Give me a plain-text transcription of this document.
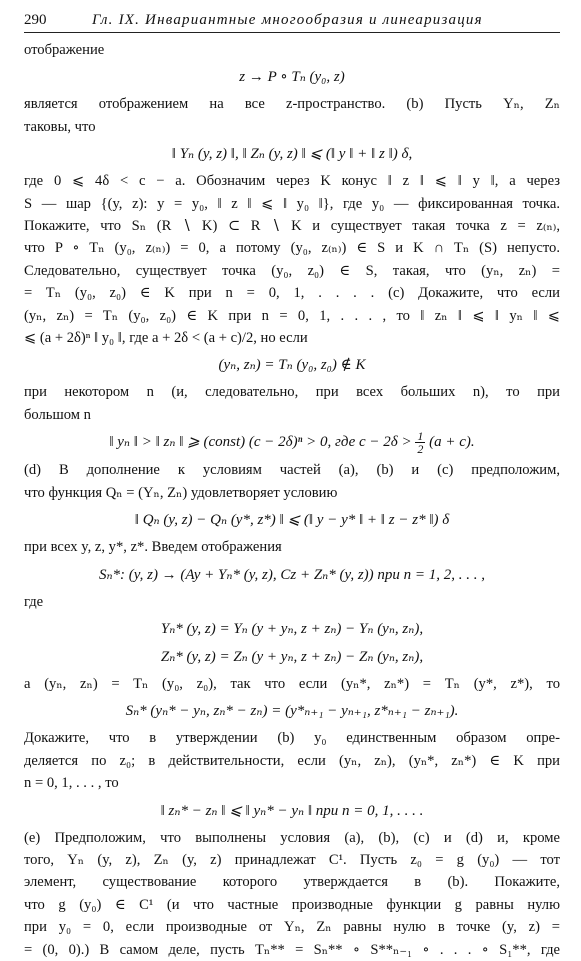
290	Гл. IX. Инвариантные многообразия и линеаризация
отображение
z → P ∘ Tₙ (y₀, z)
является отображением на все z-пространство. (b) Пусть Yₙ, Zₙ
таковы, что
‖ Yₙ (y, z) ‖, ‖ Zₙ (y, z) ‖ ⩽ (‖ y ‖ + ‖ z ‖) δ,
где 0 ⩽ 4δ < c − a. Обозначим через K конус ‖ z ‖ ⩽ ‖ y ‖, а через
S — шар {(y, z): y = y₀, ‖ z ‖ ⩽ ‖ y₀ ‖}, где y₀ — фиксированная точка.
Покажите, что Sₙ (R ∖ K) ⊂ R ∖ K и существует такая точка z = z₍ₙ₎,
что P ∘ Tₙ (y₀, z₍ₙ₎) = 0, а потому (y₀, z₍ₙ₎) ∈ S и K ∩ Tₙ (S) непусто.
Следовательно, существует точка (y₀, z₀) ∈ S, такая, что (yₙ, zₙ) =
= Tₙ (y₀, z₀) ∈ K при n = 0, 1, . . . . (c) Докажите, что если
(yₙ, zₙ) = Tₙ (y₀, z₀) ∈ K при n = 0, 1, . . . , то ‖ zₙ ‖ ⩽ ‖ yₙ ‖ ⩽
⩽ (a + 2δ)ⁿ ‖ y₀ ‖, где a + 2δ < (a + c)/2, но если
(yₙ, zₙ) = Tₙ (y₀, z₀) ∉ K
при некотором n (и, следовательно, при всех больших n), то при
большом n
‖ yₙ ‖ > ‖ zₙ ‖ ⩾ (const) (c − 2δ)ⁿ > 0, где $c - 2\delta > \frac{1}{2} (a + c)$.
(d) В дополнение к условиям частей (a), (b) и (c) предположим,
что функция Qₙ = (Yₙ, Zₙ) удовлетворяет условию
‖ Qₙ (y, z) − Qₙ (y*, z*) ‖ ⩽ (‖ y − y* ‖ + ‖ z − z* ‖) δ
при всех y, z, y*, z*. Введем отображения
Sₙ*: (y, z) → (Ay + Yₙ* (y, z), Cz + Zₙ* (y, z)) при n = 1, 2, . . . ,
где
Yₙ* (y, z) = Yₙ (y + yₙ, z + zₙ) − Yₙ (yₙ, zₙ),
Zₙ* (y, z) = Zₙ (y + yₙ, z + zₙ) − Zₙ (yₙ, zₙ),
a (yₙ, zₙ) = Tₙ (y₀, z₀), так что если (yₙ*, zₙ*) = Tₙ (y*, z*), то
Sₙ* (yₙ* − yₙ, zₙ* − zₙ) = (y*ₙ₊₁ − yₙ₊₁, z*ₙ₊₁ − zₙ₊₁).
Докажите, что в утверждении (b) y₀ единственным образом опре-
деляется по z₀; в действительности, если (yₙ, zₙ), (yₙ*, zₙ*) ∈ K при
n = 0, 1, . . . , то
‖ zₙ* − zₙ ‖ ⩽ ‖ yₙ* − yₙ ‖ при n = 0, 1, . . . .
(e) Предположим, что выполнены условия (a), (b), (c) и (d) и, кроме
того, Yₙ (y, z), Zₙ (y, z) принадлежат C¹. Пусть z₀ = g (y₀) — тот
элемент, существование которого утверждается в (b). Покажите,
что g (y₀) ∈ C¹ (и что частные производные функции g равны нулю
при y₀ = 0, если производные от Yₙ, Zₙ равны нулю в точке (y, z) =
= (0, 0).) В самом деле, пусть Tₙ** = Sₙ** ∘ S**ₙ₋₁ ∘ . . . ∘ S₁**, где
